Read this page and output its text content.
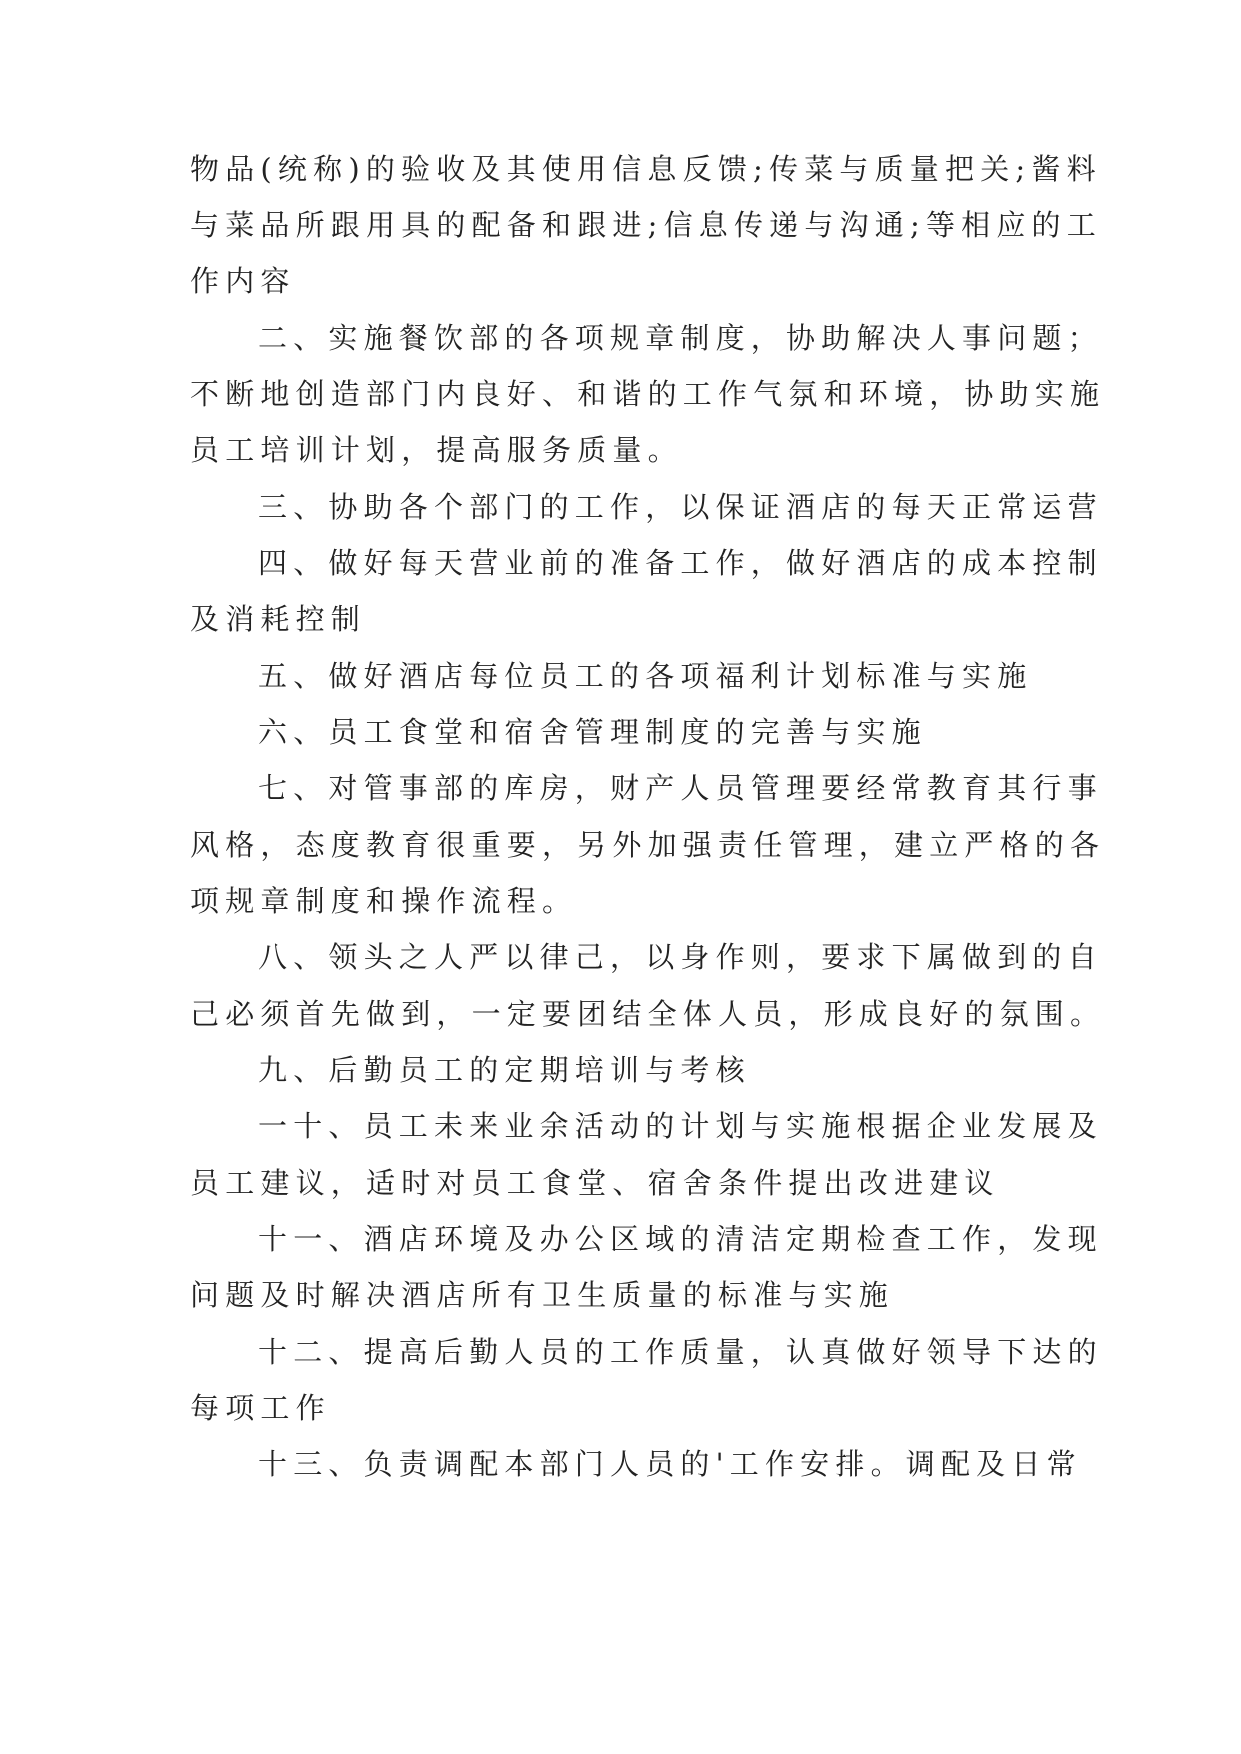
物品(统称)的验收及其使用信息反馈;传菜与质量把关;酱料
与菜品所跟用具的配备和跟进;信息传递与沟通;等相应的工
作内容
二、实施餐饮部的各项规章制度，协助解决人事问题；
不断地创造部门内良好、和谐的工作气氛和环境，协助实施
员工培训计划，提高服务质量。
三、协助各个部门的工作，以保证酒店的每天正常运营
四、做好每天营业前的准备工作，做好酒店的成本控制
及消耗控制
五、做好酒店每位员工的各项福利计划标准与实施
六、员工食堂和宿舍管理制度的完善与实施
七、对管事部的库房，财产人员管理要经常教育其行事
风格，态度教育很重要，另外加强责任管理，建立严格的各
项规章制度和操作流程。
八、领头之人严以律己，以身作则，要求下属做到的自
己必须首先做到，一定要团结全体人员，形成良好的氛围。
九、后勤员工的定期培训与考核
一十、员工未来业余活动的计划与实施根据企业发展及
员工建议，适时对员工食堂、宿舍条件提出改进建议
十一、酒店环境及办公区域的清洁定期检查工作，发现
问题及时解决酒店所有卫生质量的标准与实施
十二、提高后勤人员的工作质量，认真做好领导下达的
每项工作
十三、负责调配本部门人员的'工作安排。调配及日常
